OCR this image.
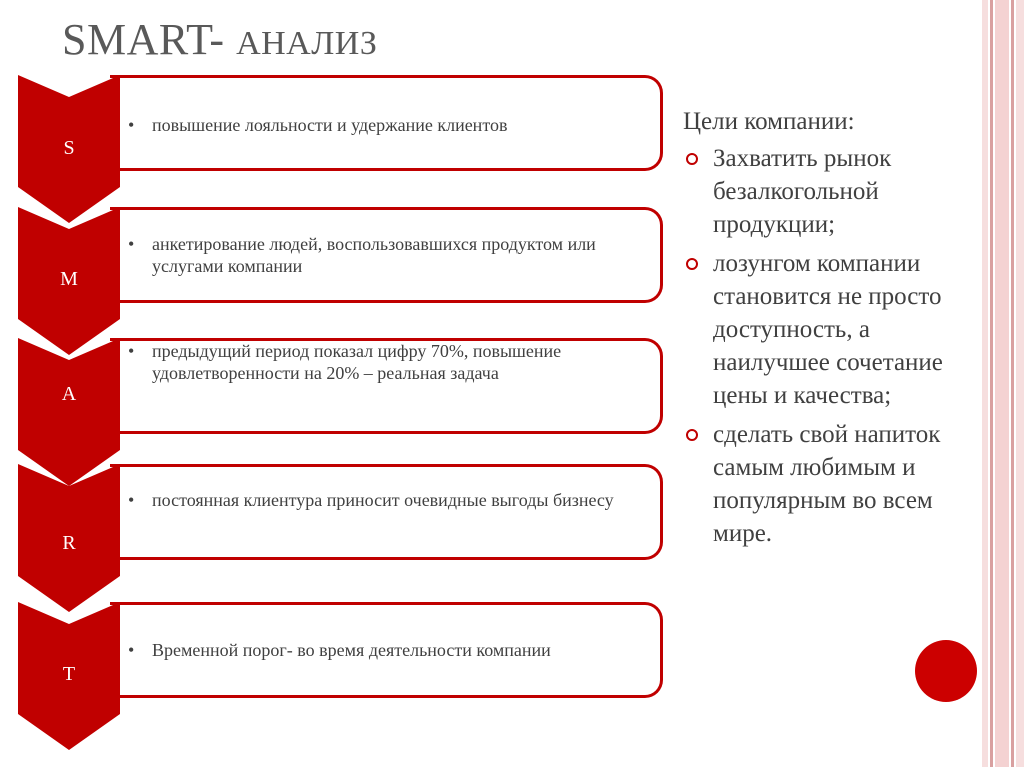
SMART- АНАЛИЗ
S
• повышение лояльности и удержание клиентов
M
• анкетирование людей, воспользовавшихся продуктом или услугами компании
A
• предыдущий период показал цифру 70%, повышение удовлетворенности на 20% – реальная задача
R
• постоянная клиентура приносит очевидные выгоды бизнесу
T
• Временной порог- во время деятельности компании
Цели компании:
Захватить рынок безалкогольной продукции;
лозунгом компании становится не просто доступность, а наилучшее сочетание цены и качества;
сделать свой напиток самым любимым и популярным во всем мире.
